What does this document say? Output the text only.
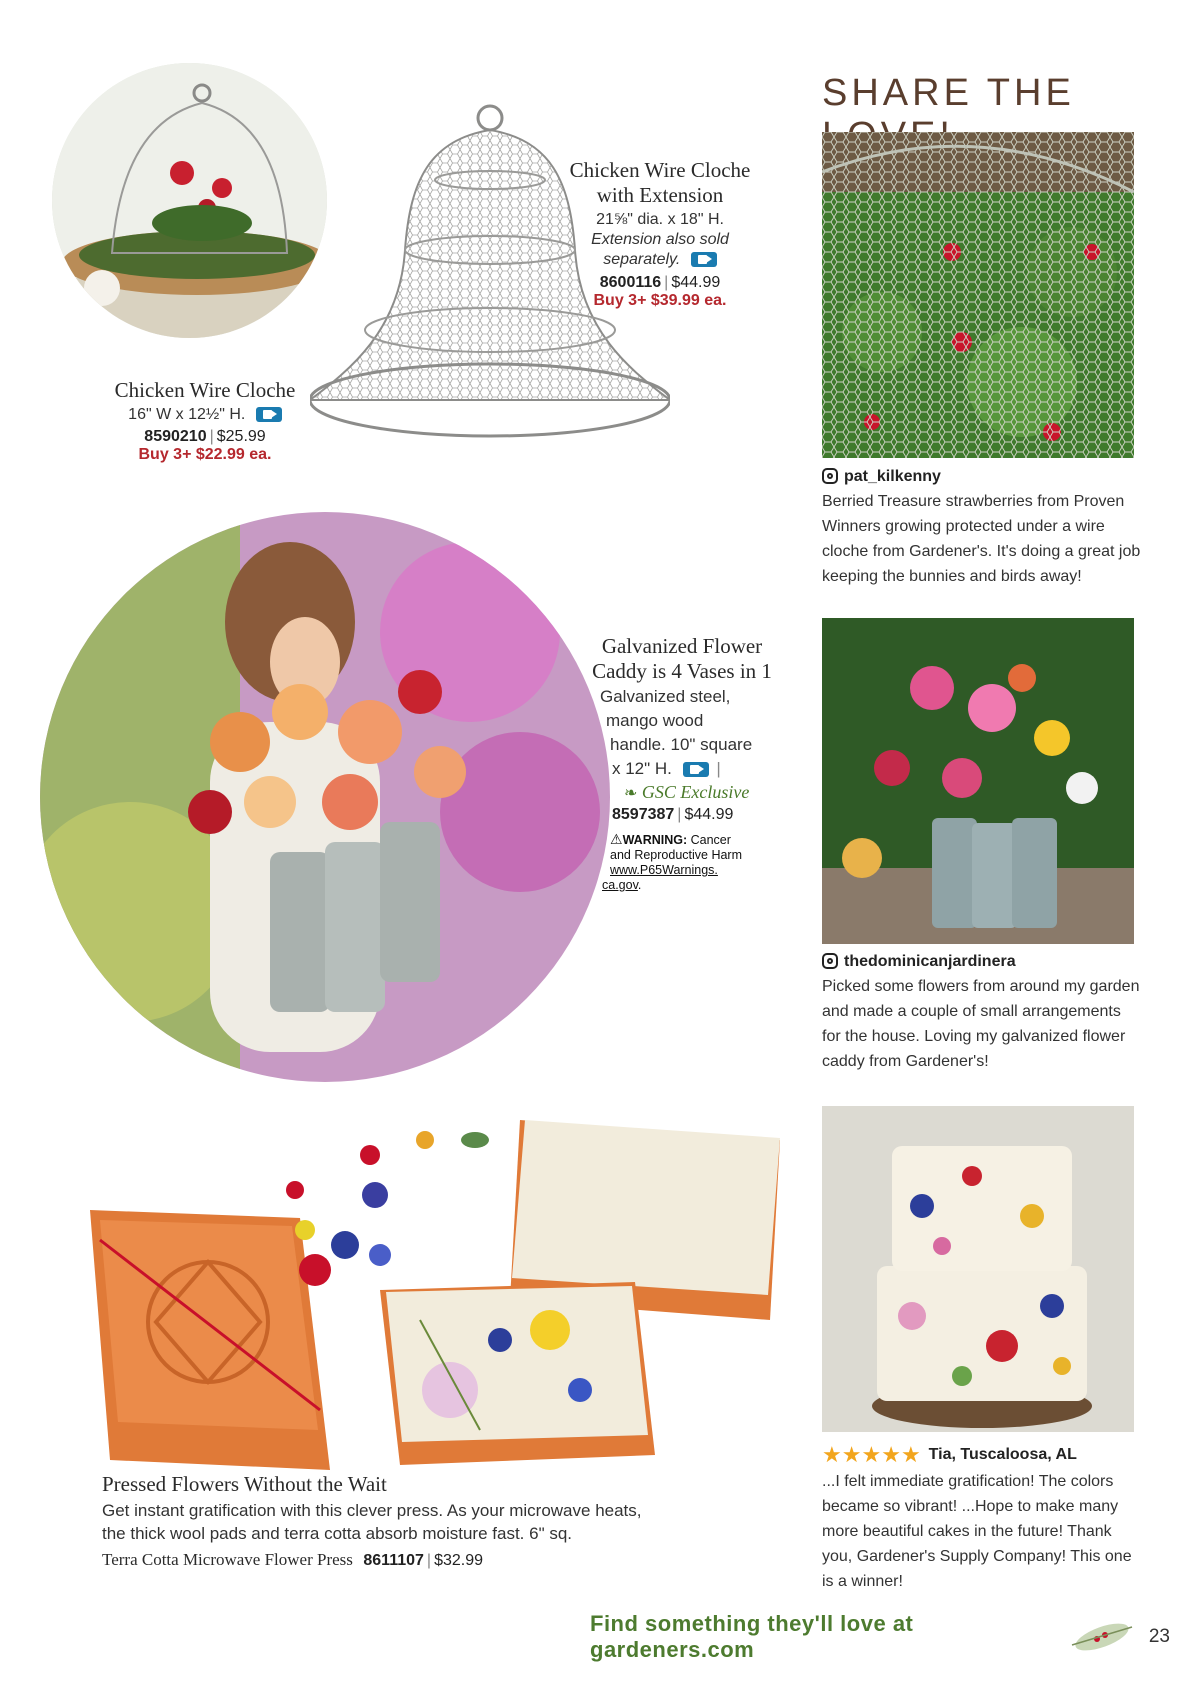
Chicken Wire Cloche
with Extension
21⅝" dia. x 18" H.
Extension also sold
separately.
8600116 | $44.99
Buy 3+ $39.99 ea.
Chicken Wire Cloche
16" W x 12½" H.
8590210 | $25.99
Buy 3+ $22.99 ea.
SHARE THE
pat_kilkenny
Berried Treasure strawberries from Proven
Winners growing protected under a wire
cloche from Gardener's. It's doing a great job
keeping the bunnies and birds away!
thedominicanjardinera
Picked some flowers from around my garden
and made a couple of small arrangements
for the house. Loving my galvanized flower
caddy from Gardener's!
★ ★ ★ ★ ★ Tia, Tuscaloosa, AL
...I felt immediate gratification! The colors
became so vibrant! ...Hope to make many
more beautiful cakes in the future! Thank
you, Gardener's Supply Company! This one
is a winner!
Galvanized Flower
Caddy is 4 Vases in 1
Galvanized steel,
mango wood
handle. 10" square
x 12" H.	|
❧ GSC Exclusive
8597387 | $44.99
⚠WARNING: Cancer
and Reproductive Harm
www.P65Warnings.
ca.gov.
Pressed Flowers Without the Wait
Get instant gratification with this clever press. As your microwave heats,
the thick wool pads and terra cotta absorb moisture fast. 6" sq.
Terra Cotta Microwave Flower Press 8611107 | $32.99
Find something they'll love at gardeners.com
23
